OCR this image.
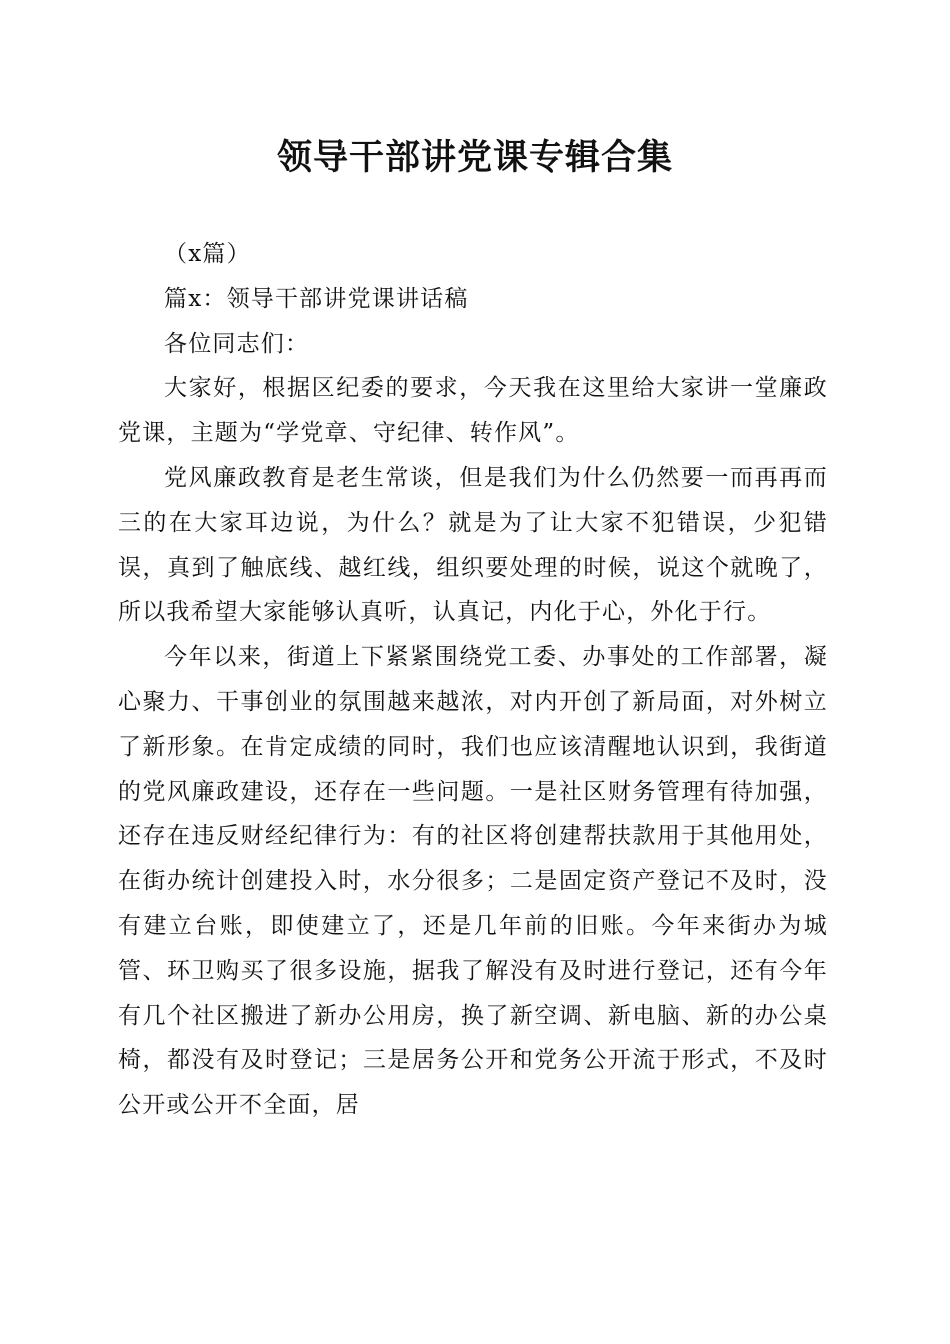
领导干部讲党课专辑合集

（x篇）

篇x：领导干部讲党课讲话稿

各位同志们：

大家好，根据区纪委的要求，今天我在这里给大家讲一堂廉政党课，主题为“学党章、守纪律、转作风”。

党风廉政教育是老生常谈，但是我们为什么仍然要一而再再而三的在大家耳边说，为什么？就是为了让大家不犯错误，少犯错误，真到了触底线、越红线，组织要处理的时候，说这个就晚了，所以我希望大家能够认真听，认真记，内化于心，外化于行。

今年以来，街道上下紧紧围绕党工委、办事处的工作部署，凝心聚力、干事创业的氛围越来越浓，对内开创了新局面，对外树立了新形象。在肯定成绩的同时，我们也应该清醒地认识到，我街道的党风廉政建设，还存在一些问题。一是社区财务管理有待加强，还存在违反财经纪律行为：有的社区将创建帮扶款用于其他用处，在街办统计创建投入时，水分很多；二是固定资产登记不及时，没有建立台账，即使建立了，还是几年前的旧账。今年来街办为城管、环卫购买了很多设施，据我了解没有及时进行登记，还有今年有几个社区搬进了新办公用房，换了新空调、新电脑、新的办公桌椅，都没有及时登记；三是居务公开和党务公开流于形式，不及时公开或公开不全面，居
